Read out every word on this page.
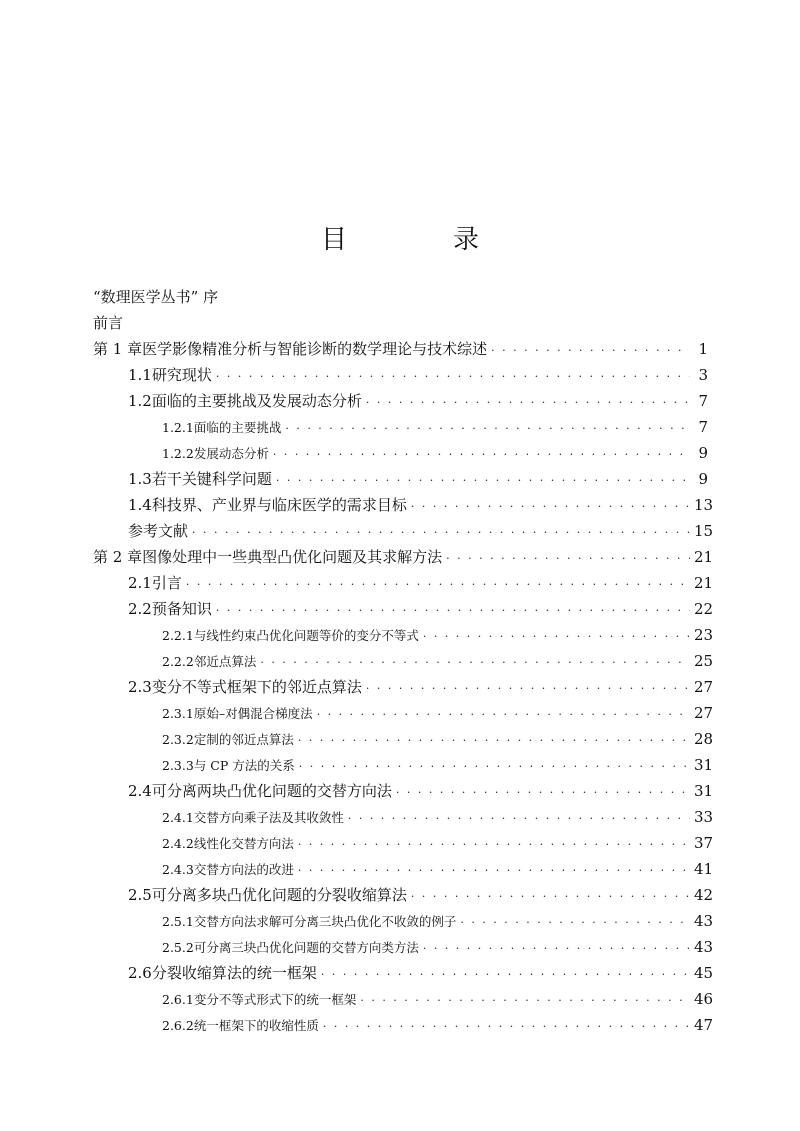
目　录
“数理医学丛书” 序
前言
第 1 章 医学影像精准分析与智能诊断的数学理论与技术综述 · · ·	1
1.1 研究现状 · · ·	3
1.2 面临的主要挑战及发展动态分析 · · ·	7
1.2.1 面临的主要挑战 · · ·	7
1.2.2 发展动态分析 · · ·	9
1.3 若干关键科学问题 · · ·	9
1.4 科技界、产业界与临床医学的需求目标 · · ·	13
参考文献 · · ·	15
第 2 章 图像处理中一些典型凸优化问题及其求解方法 · · ·	21
2.1 引言 · · ·	21
2.2 预备知识 · · ·	22
2.2.1 与线性约束凸优化问题等价的变分不等式 · · ·	23
2.2.2 邻近点算法 · · ·	25
2.3 变分不等式框架下的邻近点算法 · · ·	27
2.3.1 原始–对偶混合梯度法 · · ·	27
2.3.2 定制的邻近点算法 · · ·	28
2.3.3 与 CP 方法的关系 · · ·	31
2.4 可分离两块凸优化问题的交替方向法 · · ·	31
2.4.1 交替方向乘子法及其收敛性 · · ·	33
2.4.2 线性化交替方向法 · · ·	37
2.4.3 交替方向法的改进 · · ·	41
2.5 可分离多块凸优化问题的分裂收缩算法 · · ·	42
2.5.1 交替方向法求解可分离三块凸优化不收敛的例子 · · ·	43
2.5.2 可分离三块凸优化问题的交替方向类方法 · · ·	43
2.6 分裂收缩算法的统一框架 · · ·	45
2.6.1 变分不等式形式下的统一框架 · · ·	46
2.6.2 统一框架下的收缩性质 · · ·	47
